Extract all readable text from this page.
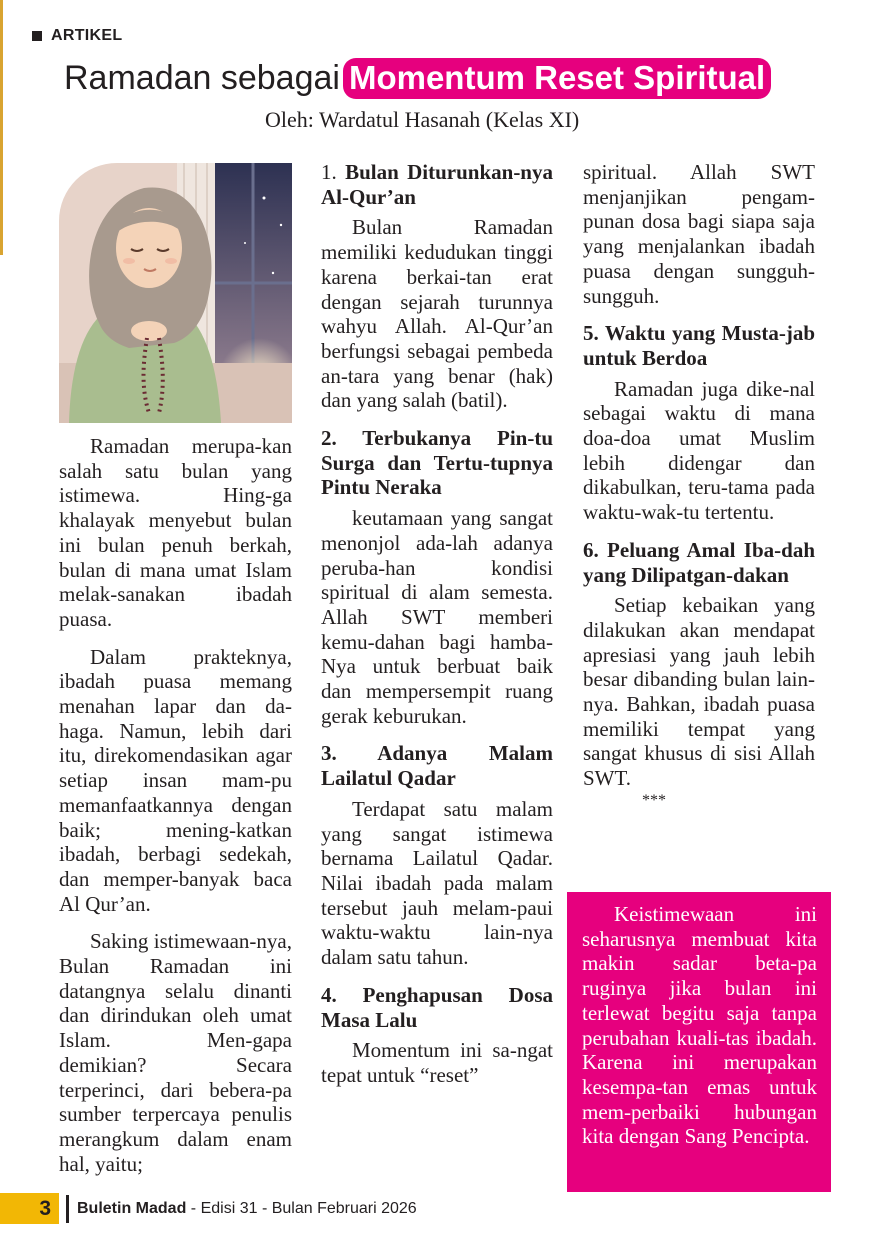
ARTIKEL
Ramadan sebagai Momentum Reset Spiritual
Oleh: Wardatul Hasanah (Kelas XI)

Ramadan merupa-kan salah satu bulan yang istimewa. Hing-ga khalayak menyebut bulan ini bulan penuh berkah, bulan di mana umat Islam melak-sanakan ibadah puasa.

Dalam prakteknya, ibadah puasa memang menahan lapar dan da-haga. Namun, lebih dari itu, direkomendasikan agar setiap insan mam-pu memanfaatkannya dengan baik; mening-katkan ibadah, berbagi sedekah, dan memper-banyak baca Al Qur’an.

Saking istimewaan-nya, Bulan Ramadan ini datangnya selalu dinanti dan dirindukan oleh umat Islam. Men-gapa demikian? Secara terperinci, dari bebera-pa sumber terpercaya penulis merangkum dalam enam hal, yaitu;

1. Bulan Diturunkan-nya Al-Qur’an

Bulan Ramadan memiliki kedudukan tinggi karena berkai-tan erat dengan sejarah turunnya wahyu Allah. Al-Qur’an berfungsi sebagai pembeda an-tara yang benar (hak) dan yang salah (batil).

2. Terbukanya Pin-tu Surga dan Tertu-tupnya Pintu Neraka

keutamaan yang sangat menonjol ada-lah adanya peruba-han kondisi spiritual di alam semesta. Allah SWT memberi kemu-dahan bagi hamba-Nya untuk berbuat baik dan mempersempit ruang gerak keburukan.

3. Adanya Malam Lailatul Qadar

Terdapat satu malam yang sangat istimewa bernama Lailatul Qadar. Nilai ibadah pada malam tersebut jauh melam-paui waktu-waktu lain-nya dalam satu tahun.

4. Penghapusan Dosa Masa Lalu

Momentum ini sa-ngat tepat untuk “reset”

spiritual. Allah SWT menjanjikan pengam-punan dosa bagi siapa saja yang menjalankan ibadah puasa dengan sungguh-sungguh.

5. Waktu yang Musta-jab untuk Berdoa

Ramadan juga dike-nal sebagai waktu di mana doa-doa umat Muslim lebih didengar dan dikabulkan, teru-tama pada waktu-wak-tu tertentu.

6. Peluang Amal Iba-dah yang Dilipatgan-dakan

Setiap kebaikan yang dilakukan akan mendapat apresiasi yang jauh lebih besar dibanding bulan lain-nya. Bahkan, ibadah puasa memiliki tempat yang sangat khusus di sisi Allah SWT.

***

Keistimewaan ini seharusnya membuat kita makin sadar beta-pa ruginya jika bulan ini terlewat begitu saja tanpa perubahan kuali-tas ibadah. Karena ini merupakan kesempa-tan emas untuk mem-perbaiki hubungan kita dengan Sang Pencipta.

3	Buletin Madad - Edisi 31 - Bulan Februari 2026
